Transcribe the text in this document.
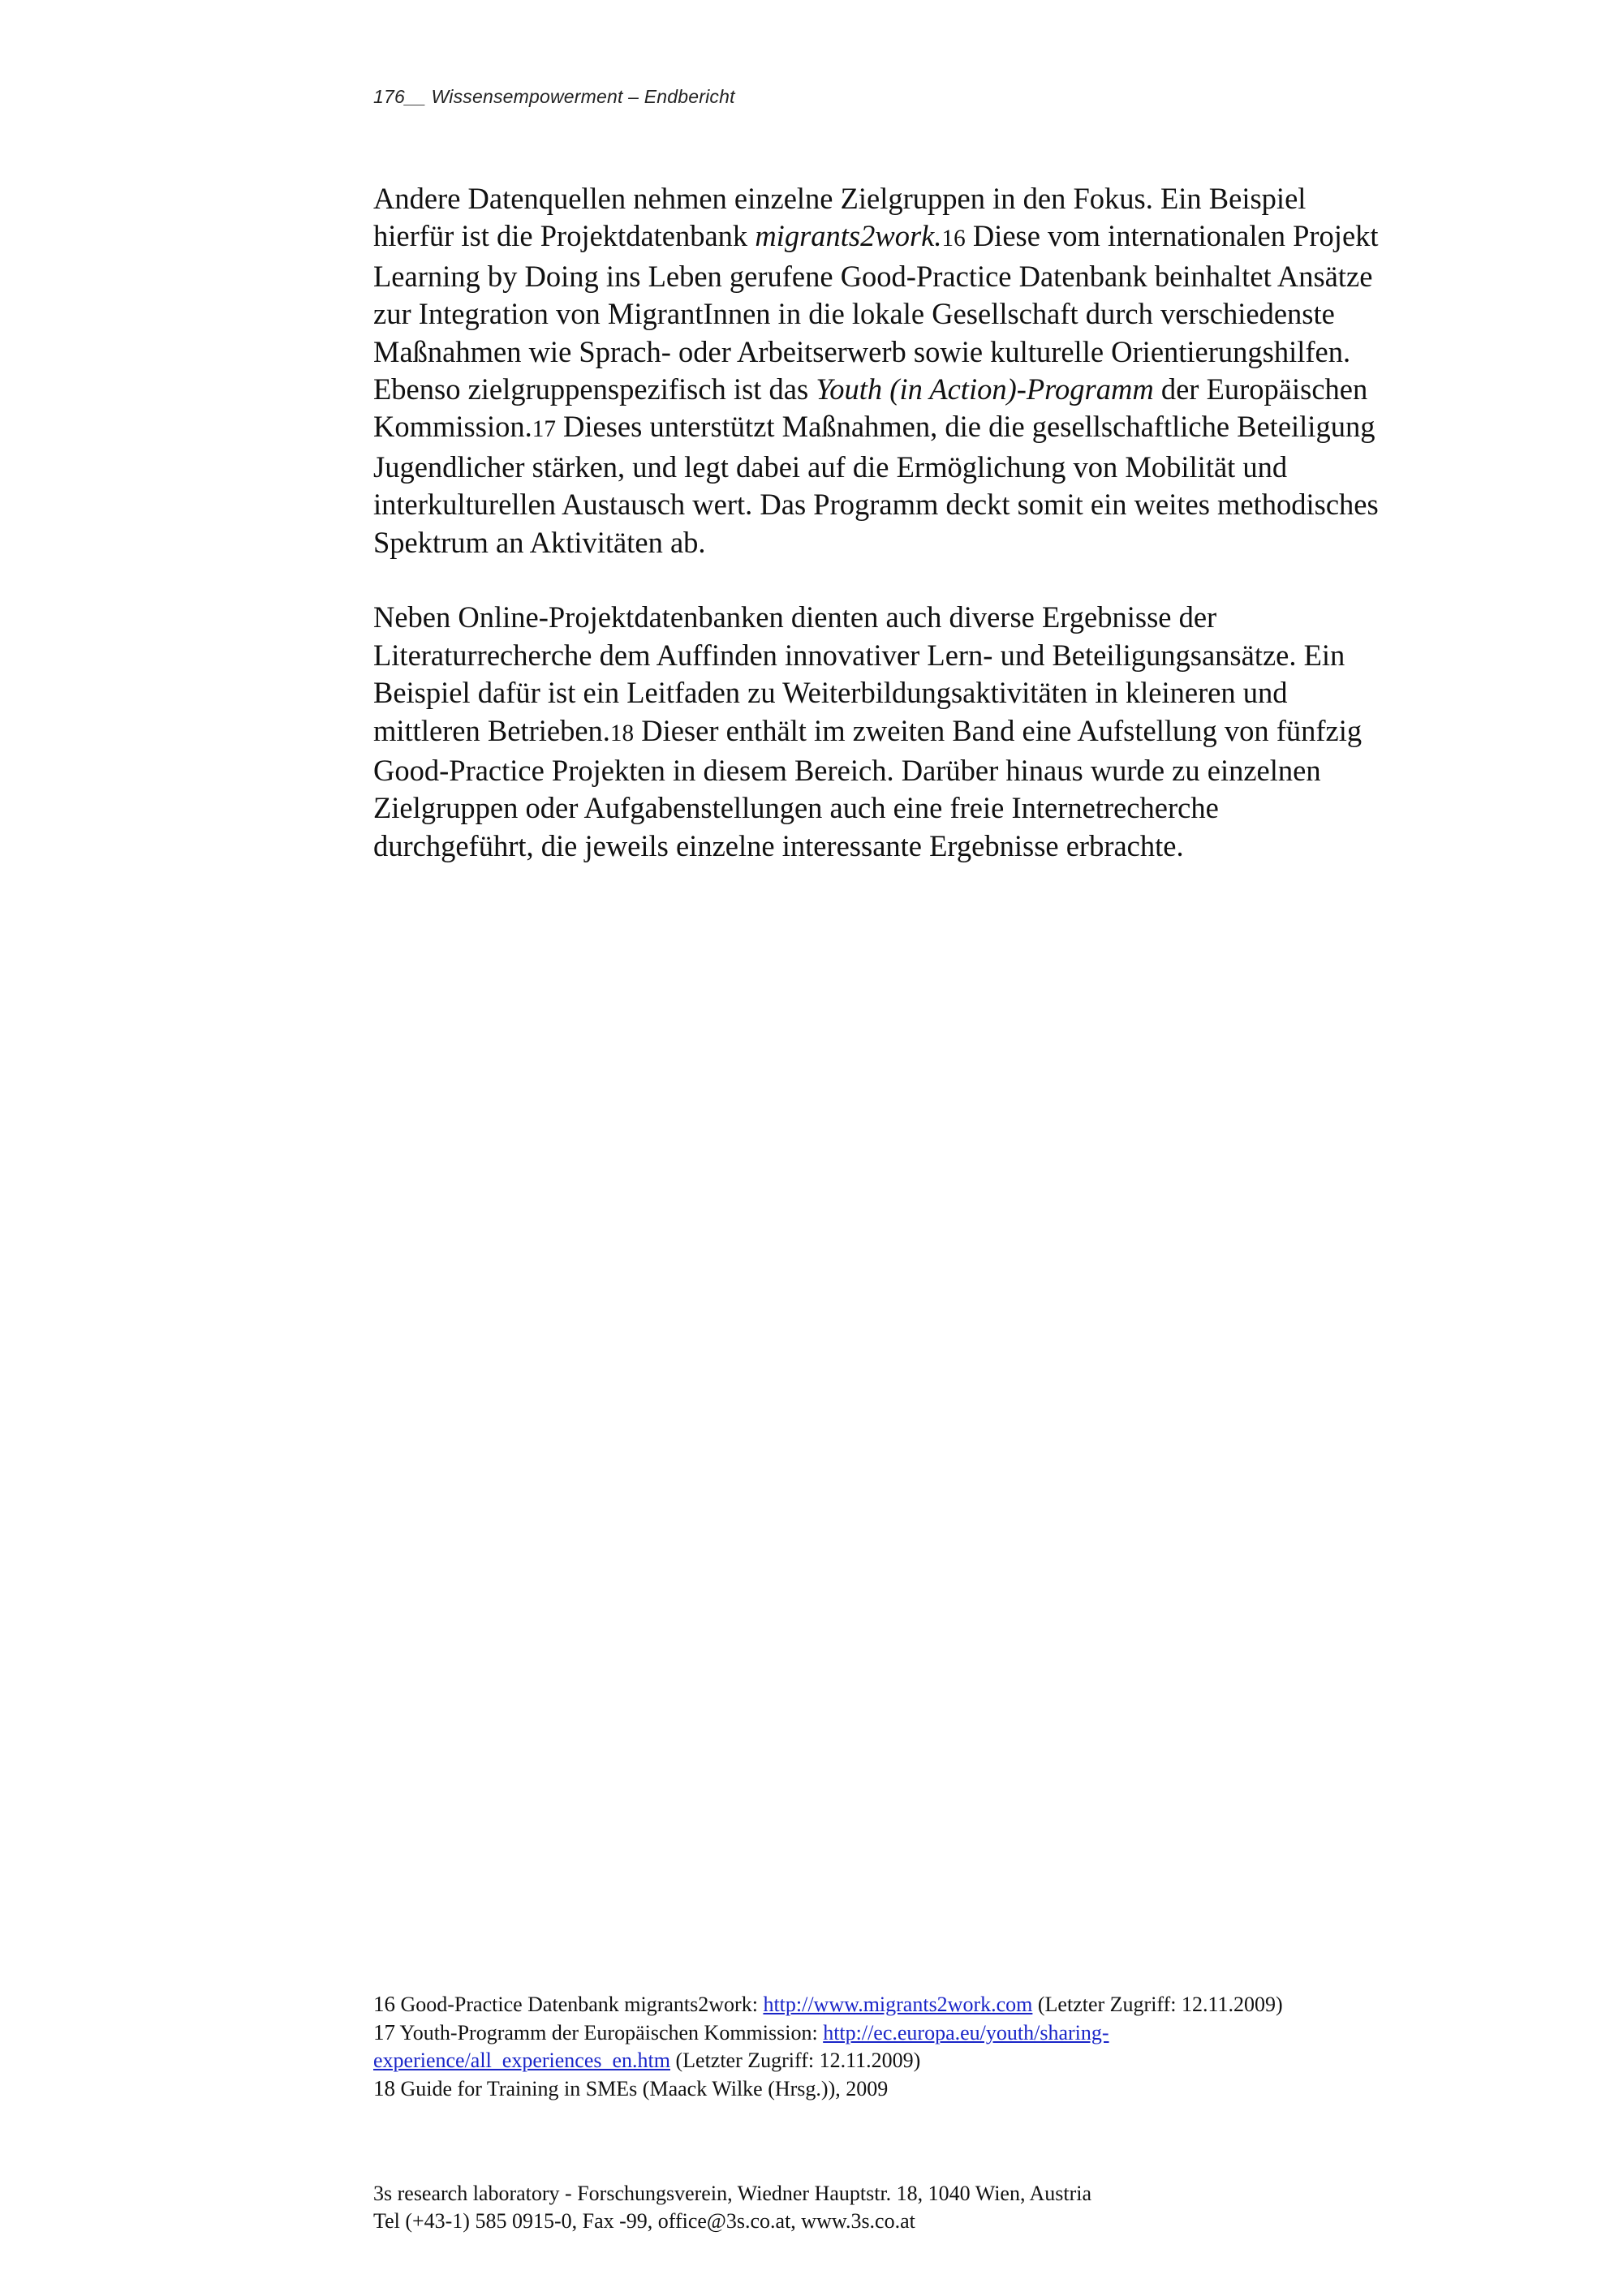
176__ Wissensempowerment – Endbericht

Andere Datenquellen nehmen einzelne Zielgruppen in den Fokus. Ein Beispiel
hierfür ist die Projektdatenbank migrants2work.16 Diese vom internationalen Projekt
Learning by Doing ins Leben gerufene Good-Practice Datenbank beinhaltet Ansätze
zur Integration von MigrantInnen in die lokale Gesellschaft durch verschiedenste
Maßnahmen wie Sprach- oder Arbeitserwerb sowie kulturelle Orientierungshilfen.
Ebenso zielgruppenspezifisch ist das Youth (in Action)-Programm der Europäischen
Kommission.17 Dieses unterstützt Maßnahmen, die die gesellschaftliche Beteiligung
Jugendlicher stärken, und legt dabei auf die Ermöglichung von Mobilität und
interkulturellen Austausch wert. Das Programm deckt somit ein weites methodisches
Spektrum an Aktivitäten ab.

Neben Online-Projektdatenbanken dienten auch diverse Ergebnisse der
Literaturrecherche dem Auffinden innovativer Lern- und Beteiligungsansätze. Ein
Beispiel dafür ist ein Leitfaden zu Weiterbildungsaktivitäten in kleineren und
mittleren Betrieben.18 Dieser enthält im zweiten Band eine Aufstellung von fünfzig
Good-Practice Projekten in diesem Bereich. Darüber hinaus wurde zu einzelnen
Zielgruppen oder Aufgabenstellungen auch eine freie Internetrecherche
durchgeführt, die jeweils einzelne interessante Ergebnisse erbrachte.

16 Good-Practice Datenbank migrants2work: http://www.migrants2work.com (Letzter Zugriff: 12.11.2009)
17 Youth-Programm der Europäischen Kommission: http://ec.europa.eu/youth/sharing-
experience/all_experiences_en.htm (Letzter Zugriff: 12.11.2009)
18 Guide for Training in SMEs (Maack Wilke (Hrsg.)), 2009
3s research laboratory - Forschungsverein, Wiedner Hauptstr. 18, 1040 Wien, Austria
Tel (+43-1) 585 0915-0, Fax -99, office@3s.co.at, www.3s.co.at
